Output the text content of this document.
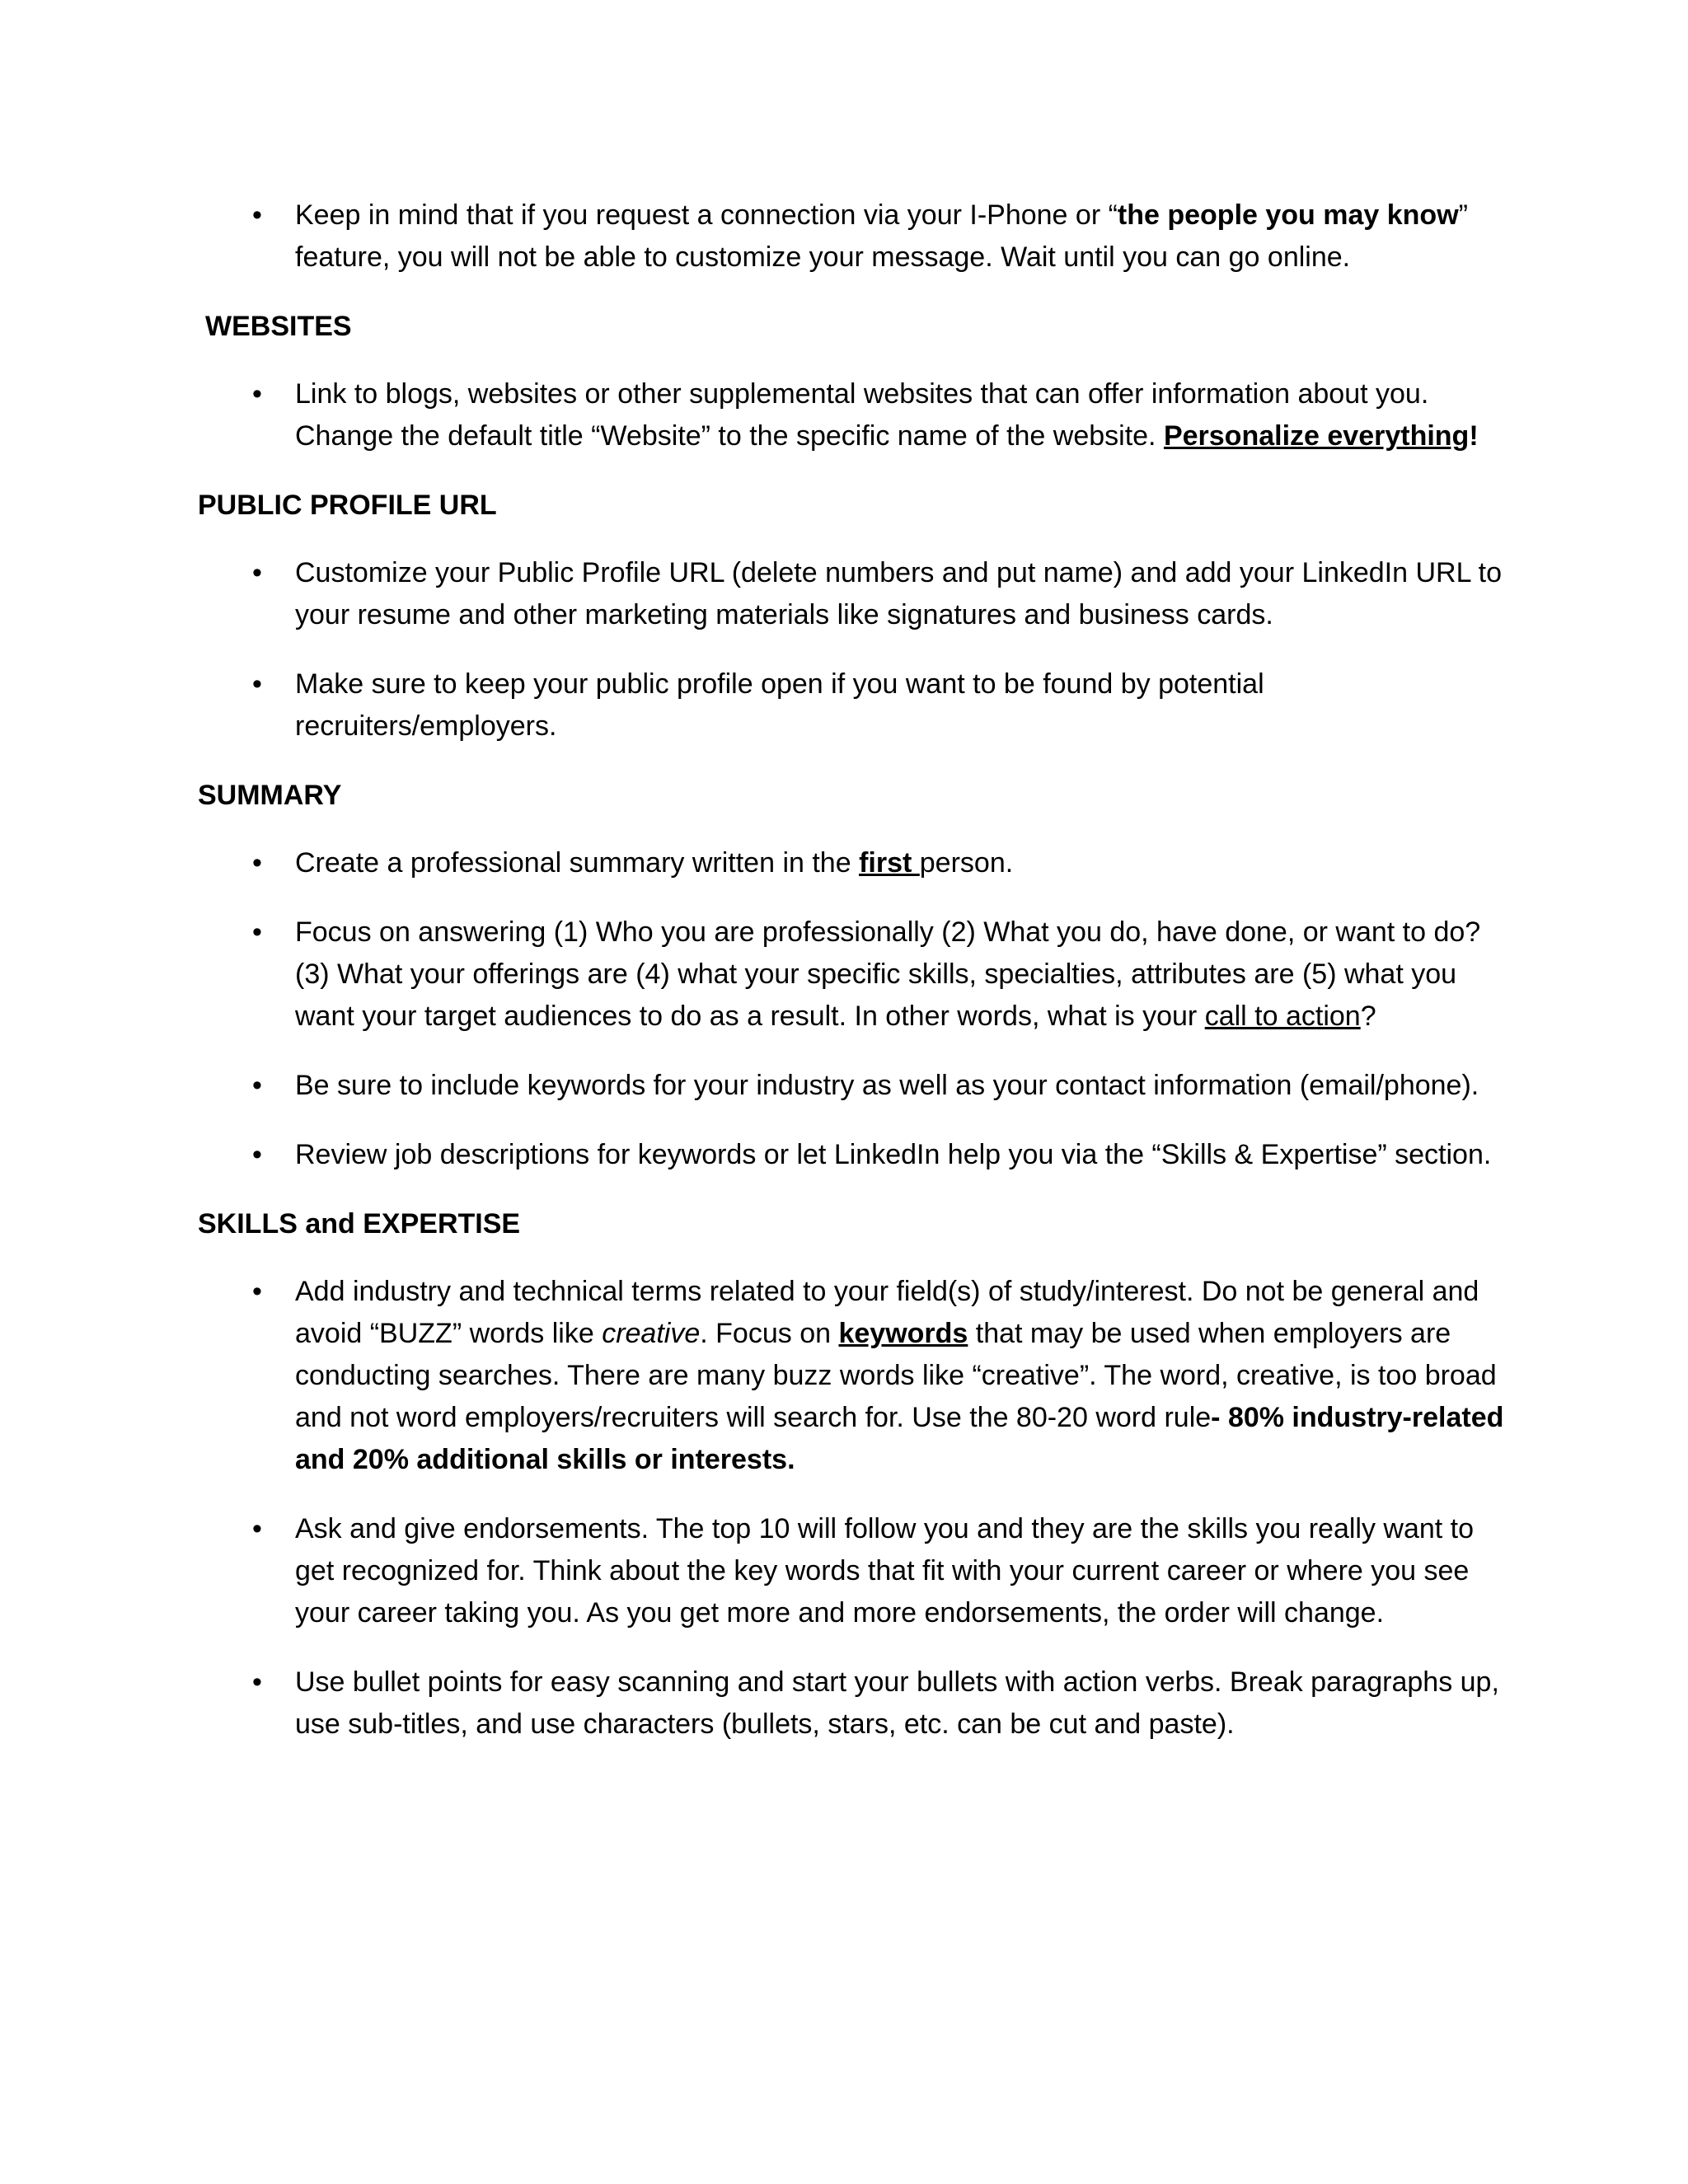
• Keep in mind that if you request a connection via your I-Phone or “the people you may know” feature, you will not be able to customize your message. Wait until you can go online.
WEBSITES
• Link to blogs, websites or other supplemental websites that can offer information about you. Change the default title “Website” to the specific name of the website. Personalize everything!
PUBLIC PROFILE URL
• Customize your Public Profile URL (delete numbers and put name) and add your LinkedIn URL to your resume and other marketing materials like signatures and business cards.
• Make sure to keep your public profile open if you want to be found by potential recruiters/employers.
SUMMARY
• Create a professional summary written in the first person.
• Focus on answering (1) Who you are professionally (2) What you do, have done, or want to do? (3) What your offerings are (4) what your specific skills, specialties, attributes are (5) what you want your target audiences to do as a result. In other words, what is your call to action?
• Be sure to include keywords for your industry as well as your contact information (email/phone).
• Review job descriptions for keywords or let LinkedIn help you via the “Skills & Expertise” section.
SKILLS and EXPERTISE
• Add industry and technical terms related to your field(s) of study/interest. Do not be general and avoid “BUZZ” words like creative. Focus on keywords that may be used when employers are conducting searches. There are many buzz words like “creative”. The word, creative, is too broad and not word employers/recruiters will search for. Use the 80-20 word rule- 80% industry-related and 20% additional skills or interests.
• Ask and give endorsements. The top 10 will follow you and they are the skills you really want to get recognized for. Think about the key words that fit with your current career or where you see your career taking you. As you get more and more endorsements, the order will change.
• Use bullet points for easy scanning and start your bullets with action verbs. Break paragraphs up, use sub-titles, and use characters (bullets, stars, etc. can be cut and paste).
